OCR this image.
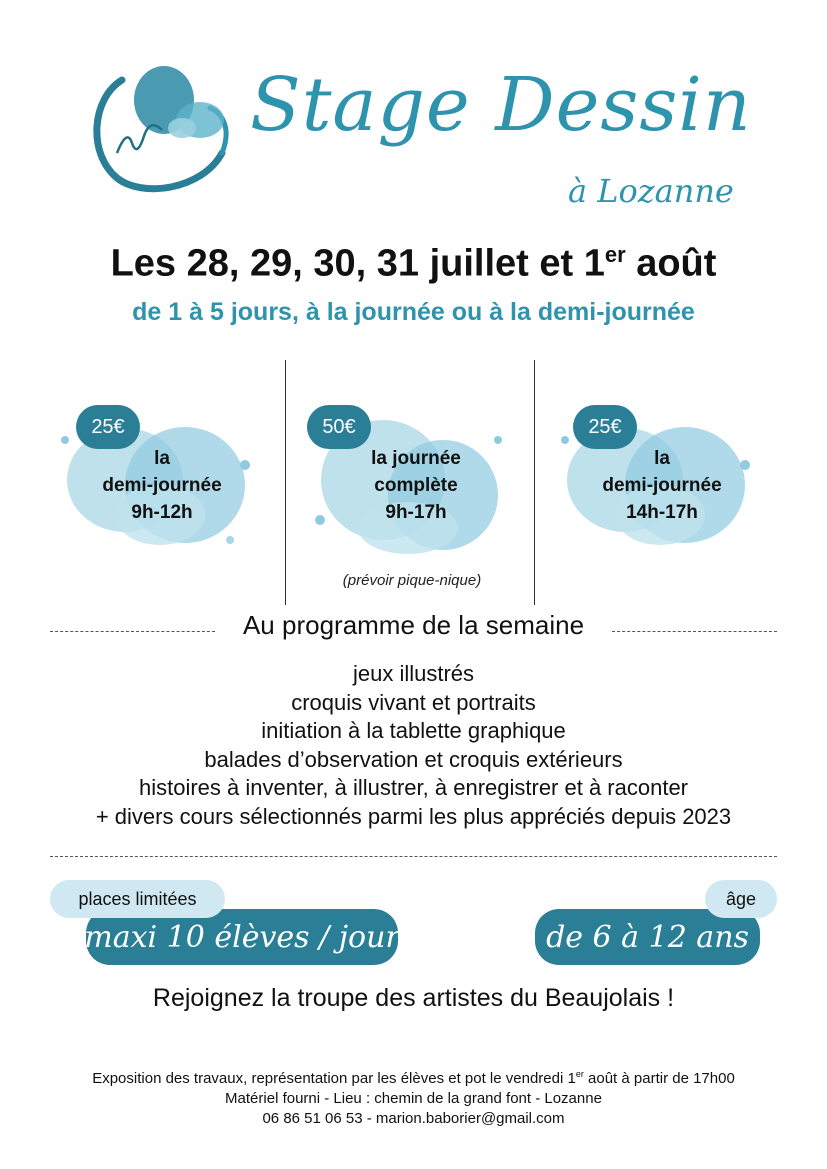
Stage Dessin
à Lozanne
Les 28, 29, 30, 31 juillet et 1er août
de 1 à 5 jours, à la journée ou à la demi-journée
25€
la
demi-journée
9h-12h
50€
la journée
complète
9h-17h
(prévoir pique-nique)
25€
la
demi-journée
14h-17h
Au programme de la semaine
jeux illustrés
croquis vivant et portraits
initiation à la tablette graphique
balades d’observation et croquis extérieurs
histoires à inventer, à illustrer, à enregistrer et à raconter
+ divers cours sélectionnés parmi les plus appréciés depuis 2023
maxi 10 élèves / jour
places limitées
de 6 à 12 ans
âge
Rejoignez la troupe des artistes du Beaujolais !
Exposition des travaux, représentation par les élèves et pot le vendredi 1er août à partir de 17h00
Matériel fourni - Lieu : chemin de la grand font - Lozanne
06 86 51 06 53 - marion.baborier@gmail.com
